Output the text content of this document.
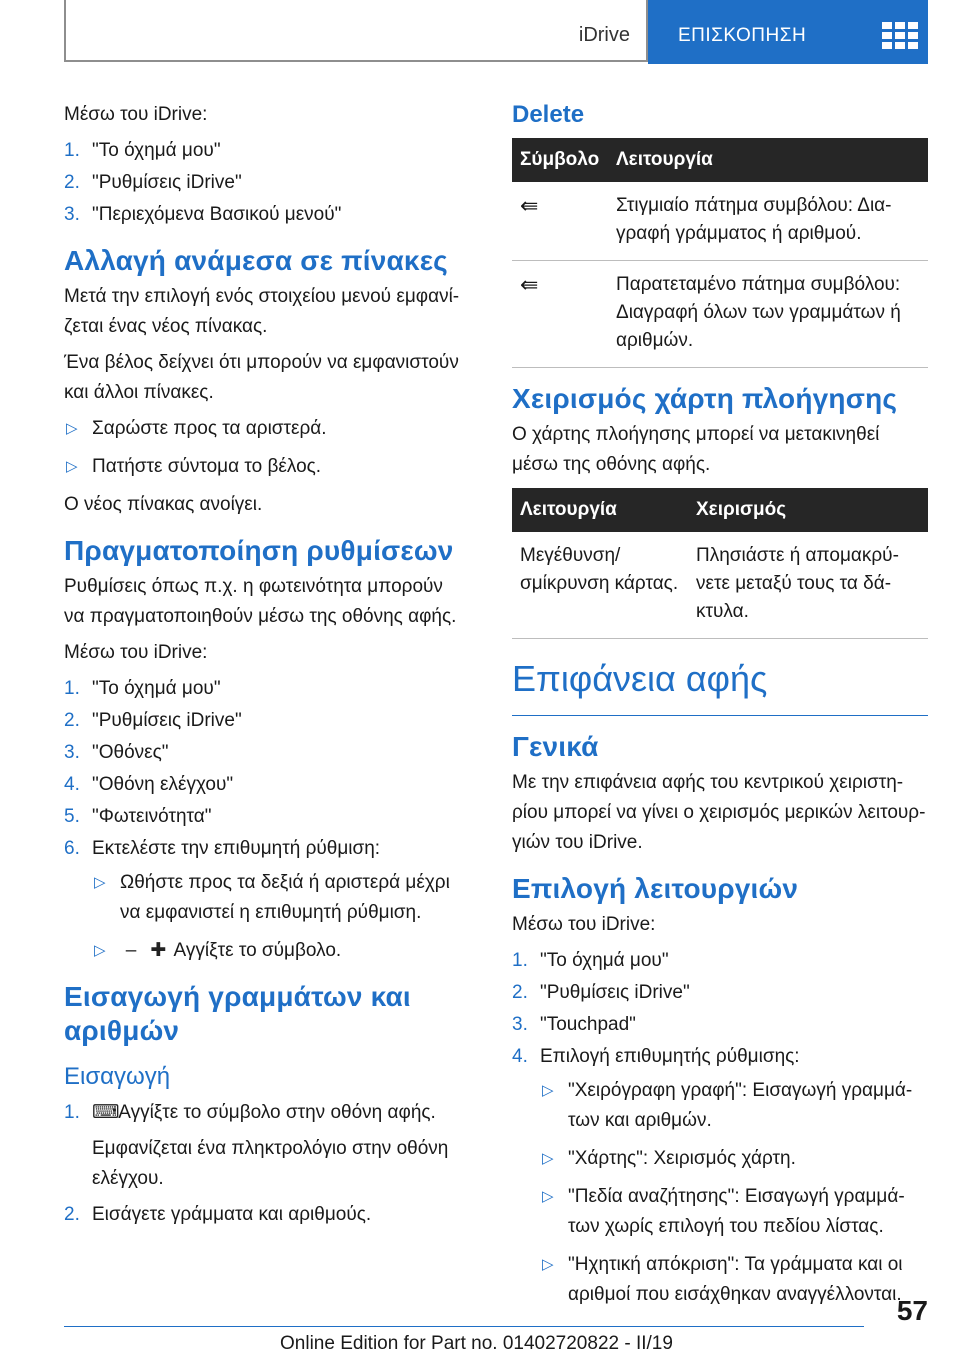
iDrive	ΕΠΙΣΚΟΠΗΣΗ

Μέσω του iDrive:

1. "Το όχημά μου"
2. "Ρυθμίσεις iDrive"
3. "Περιεχόμενα Βασικού μενού"
Αλλαγή ανάμεσα σε πίνακες

Μετά την επιλογή ενός στοιχείου μενού εμφανίζεται ένας νέος πίνακας.

Ένα βέλος δείχνει ότι μπορούν να εμφανιστούν και άλλοι πίνακες.

▷ Σαρώστε προς τα αριστερά.
▷ Πατήστε σύντομα το βέλος.

Ο νέος πίνακας ανοίγει.

Πραγματοποίηση ρυθμίσεων

Ρυθμίσεις όπως π.χ. η φωτεινότητα μπορούν να πραγματοποιηθούν μέσω της οθόνης αφής.

Μέσω του iDrive:

1. "Το όχημά μου"
2. "Ρυθμίσεις iDrive"
3. "Οθόνες"
4. "Οθόνη ελέγχου"
5. "Φωτεινότητα"
6. Εκτελέστε την επιθυμητή ρύθμιση:
▷ Ωθήστε προς τα δεξιά ή αριστερά μέχρι να εμφανιστεί η επιθυμητή ρύθμιση.
▷ – ✚ Αγγίξτε το σύμβολο.
Εισαγωγή γραμμάτων και αριθμών
Εισαγωγή
1. ⌨ Αγγίξτε το σύμβολο στην οθόνη αφής.

Εμφανίζεται ένα πληκτρολόγιο στην οθόνη ελέγχου.

2. Εισάγετε γράμματα και αριθμούς.
Delete
Σύμβολο	Λειτουργία
⇚	Στιγμιαίο πάτημα συμβόλου: Διαγραφή γράμματος ή αριθμού.
⇚	Παρατεταμένο πάτημα συμβόλου: Διαγραφή όλων των γραμμάτων ή αριθμών.
Χειρισμός χάρτη πλοήγησης

Ο χάρτης πλοήγησης μπορεί να μετακινηθεί μέσω της οθόνης αφής.

Λειτουργία	Χειρισμός
Μεγέθυνση/ σμίκρυνση κάρτας.	Πλησιάστε ή απομακρύνετε μεταξύ τους τα δάκτυλα.
Επιφάνεια αφής
Γενικά

Με την επιφάνεια αφής του κεντρικού χειριστηρίου μπορεί να γίνει ο χειρισμός μερικών λειτουργιών του iDrive.

Επιλογή λειτουργιών

Μέσω του iDrive:

1. "Το όχημά μου"
2. "Ρυθμίσεις iDrive"
3. "Touchpad"
4. Επιλογή επιθυμητής ρύθμισης:
▷ "Χειρόγραφη γραφή": Εισαγωγή γραμμάτων και αριθμών.
▷ "Χάρτης": Χειρισμός χάρτη.
▷ "Πεδία αναζήτησης": Εισαγωγή γραμμάτων χωρίς επιλογή του πεδίου λίστας.
▷ "Ηχητική απόκριση": Τα γράμματα και οι αριθμοί που εισάχθηκαν αναγγέλλονται.
57
Online Edition for Part no. 01402720822 - II/19
